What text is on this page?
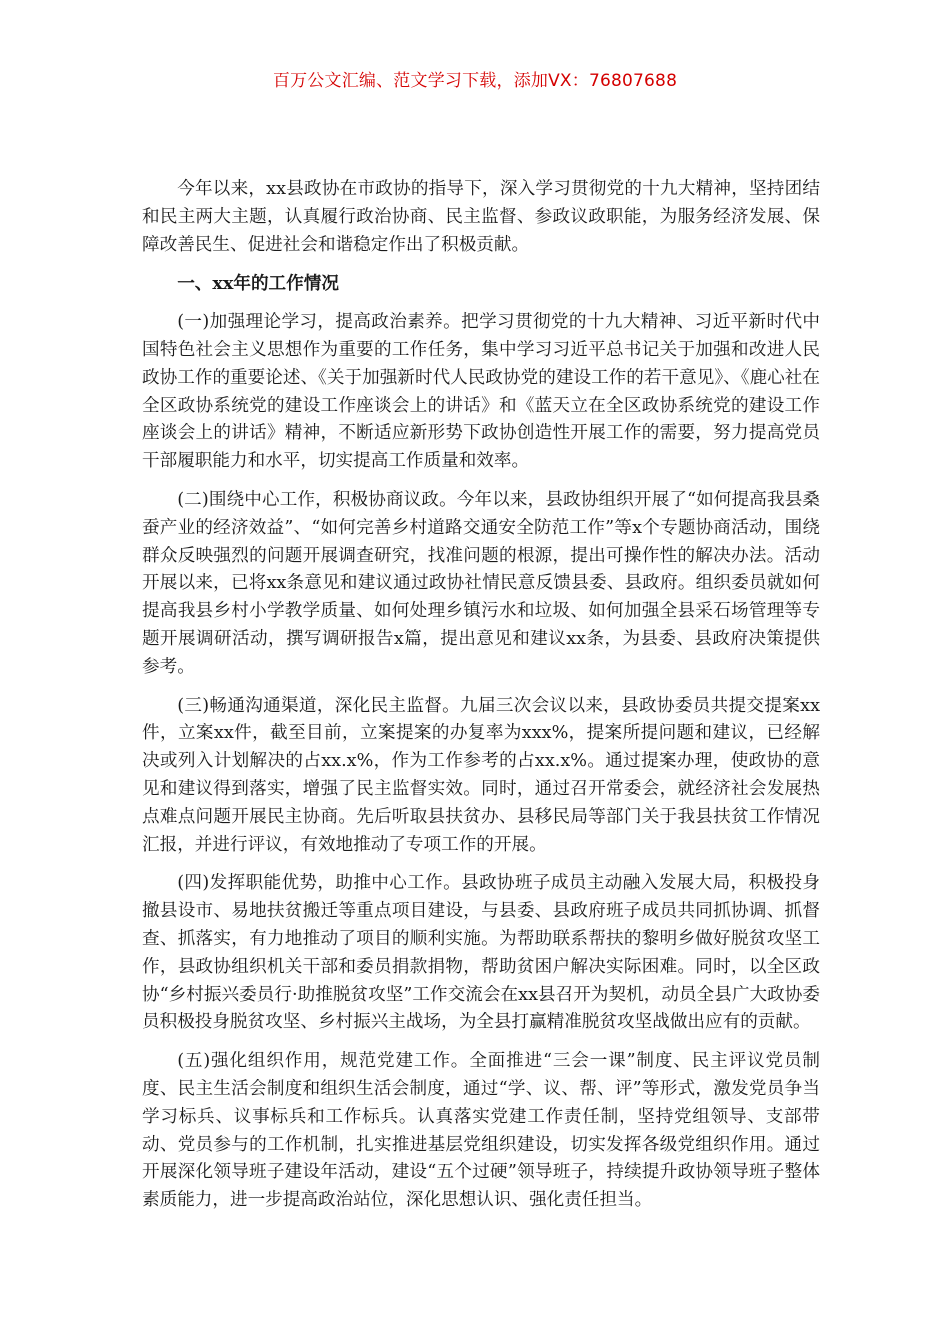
百万公文汇编、范文学习下载，添加VX：76807688

今年以来，xx县政协在市政协的指导下，深入学习贯彻党的十九大精神，坚持团结和民主两大主题，认真履行政治协商、民主监督、参政议政职能，为服务经济发展、保障改善民生、促进社会和谐稳定作出了积极贡献。

一、xx年的工作情况

(一)加强理论学习，提高政治素养。把学习贯彻党的十九大精神、习近平新时代中国特色社会主义思想作为重要的工作任务，集中学习习近平总书记关于加强和改进人民政协工作的重要论述、《关于加强新时代人民政协党的建设工作的若干意见》、《鹿心社在全区政协系统党的建设工作座谈会上的讲话》和《蓝天立在全区政协系统党的建设工作座谈会上的讲话》精神，不断适应新形势下政协创造性开展工作的需要，努力提高党员干部履职能力和水平，切实提高工作质量和效率。

(二)围绕中心工作，积极协商议政。今年以来，县政协组织开展了“如何提高我县桑蚕产业的经济效益”、“如何完善乡村道路交通安全防范工作”等x个专题协商活动，围绕群众反映强烈的问题开展调查研究，找准问题的根源，提出可操作性的解决办法。活动开展以来，已将xx条意见和建议通过政协社情民意反馈县委、县政府。组织委员就如何提高我县乡村小学教学质量、如何处理乡镇污水和垃圾、如何加强全县采石场管理等专题开展调研活动，撰写调研报告x篇，提出意见和建议xx条，为县委、县政府决策提供参考。

(三)畅通沟通渠道，深化民主监督。九届三次会议以来，县政协委员共提交提案xx件，立案xx件，截至目前，立案提案的办复率为xxx%，提案所提问题和建议，已经解决或列入计划解决的占xx.x%，作为工作参考的占xx.x%。通过提案办理，使政协的意见和建议得到落实，增强了民主监督实效。同时，通过召开常委会，就经济社会发展热点难点问题开展民主协商。先后听取县扶贫办、县移民局等部门关于我县扶贫工作情况汇报，并进行评议，有效地推动了专项工作的开展。

(四)发挥职能优势，助推中心工作。县政协班子成员主动融入发展大局，积极投身撤县设市、易地扶贫搬迁等重点项目建设，与县委、县政府班子成员共同抓协调、抓督查、抓落实，有力地推动了项目的顺利实施。为帮助联系帮扶的黎明乡做好脱贫攻坚工作，县政协组织机关干部和委员捐款捐物，帮助贫困户解决实际困难。同时，以全区政协“乡村振兴委员行·助推脱贫攻坚”工作交流会在xx县召开为契机，动员全县广大政协委员积极投身脱贫攻坚、乡村振兴主战场，为全县打赢精准脱贫攻坚战做出应有的贡献。

(五)强化组织作用，规范党建工作。全面推进“三会一课”制度、民主评议党员制度、民主生活会制度和组织生活会制度，通过“学、议、帮、评”等形式，激发党员争当学习标兵、议事标兵和工作标兵。认真落实党建工作责任制，坚持党组领导、支部带动、党员参与的工作机制，扎实推进基层党组织建设，切实发挥各级党组织作用。通过开展深化领导班子建设年活动，建设“五个过硬”领导班子，持续提升政协领导班子整体素质能力，进一步提高政治站位，深化思想认识、强化责任担当。
